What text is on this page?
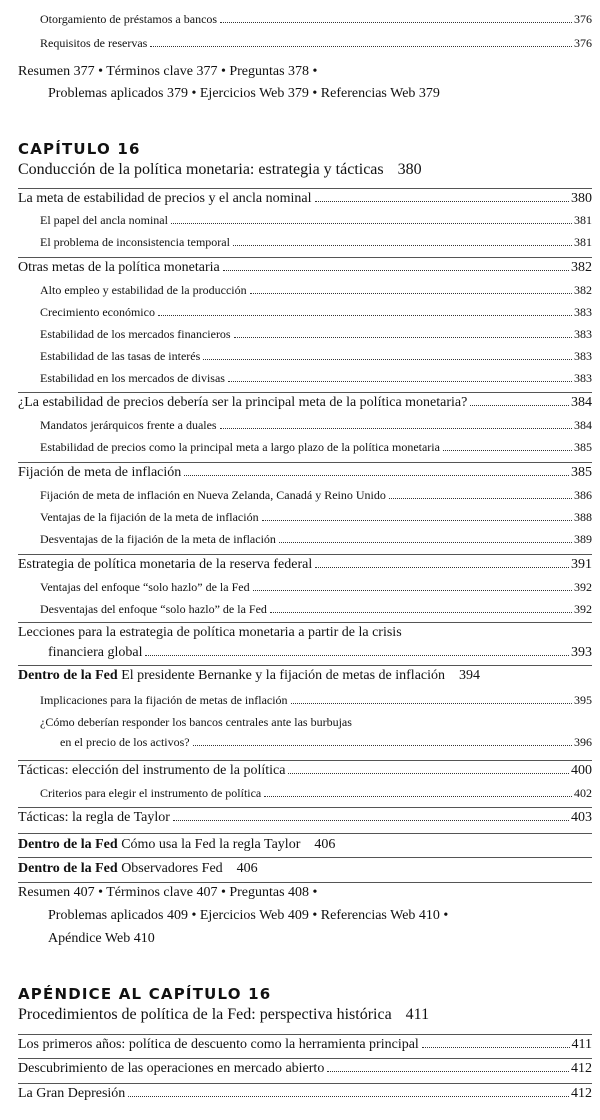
Otorgamiento de préstamos a bancos	376
Requisitos de reservas	376
Resumen 377 • Términos clave 377 • Preguntas 378 •
Problemas aplicados 379 • Ejercicios Web 379 • Referencias Web 379
CAPÍTULO 16
Conducción de la política monetaria: estrategia y tácticas 380
La meta de estabilidad de precios y el ancla nominal	380
El papel del ancla nominal	381
El problema de inconsistencia temporal	381
Otras metas de la política monetaria	382
Alto empleo y estabilidad de la producción	382
Crecimiento económico	383
Estabilidad de los mercados financieros	383
Estabilidad de las tasas de interés	383
Estabilidad en los mercados de divisas	383
¿La estabilidad de precios debería ser la principal meta de la política monetaria?	384
Mandatos jerárquicos frente a duales	384
Estabilidad de precios como la principal meta a largo plazo de la política monetaria	385
Fijación de meta de inflación	385
Fijación de meta de inflación en Nueva Zelanda, Canadá y Reino Unido	386
Ventajas de la fijación de la meta de inflación	388
Desventajas de la fijación de la meta de inflación	389
Estrategia de política monetaria de la reserva federal	391
Ventajas del enfoque “solo hazlo” de la Fed	392
Desventajas del enfoque “solo hazlo” de la Fed	392
Lecciones para la estrategia de política monetaria a partir de la crisis
financiera global	393
Dentro de la Fed El presidente Bernanke y la fijación de metas de inflación 394
Implicaciones para la fijación de metas de inflación	395
¿Cómo deberían responder los bancos centrales ante las burbujas
en el precio de los activos?	396
Tácticas: elección del instrumento de la política	400
Criterios para elegir el instrumento de política	402
Tácticas: la regla de Taylor	403
Dentro de la Fed Cómo usa la Fed la regla Taylor 406
Dentro de la Fed Observadores Fed 406
Resumen 407 • Términos clave 407 • Preguntas 408 •
Problemas aplicados 409 • Ejercicios Web 409 • Referencias Web 410 •
Apéndice Web 410
APÉNDICE AL CAPÍTULO 16
Procedimientos de política de la Fed: perspectiva histórica 411
Los primeros años: política de descuento como la herramienta principal	411
Descubrimiento de las operaciones en mercado abierto	412
La Gran Depresión	412
